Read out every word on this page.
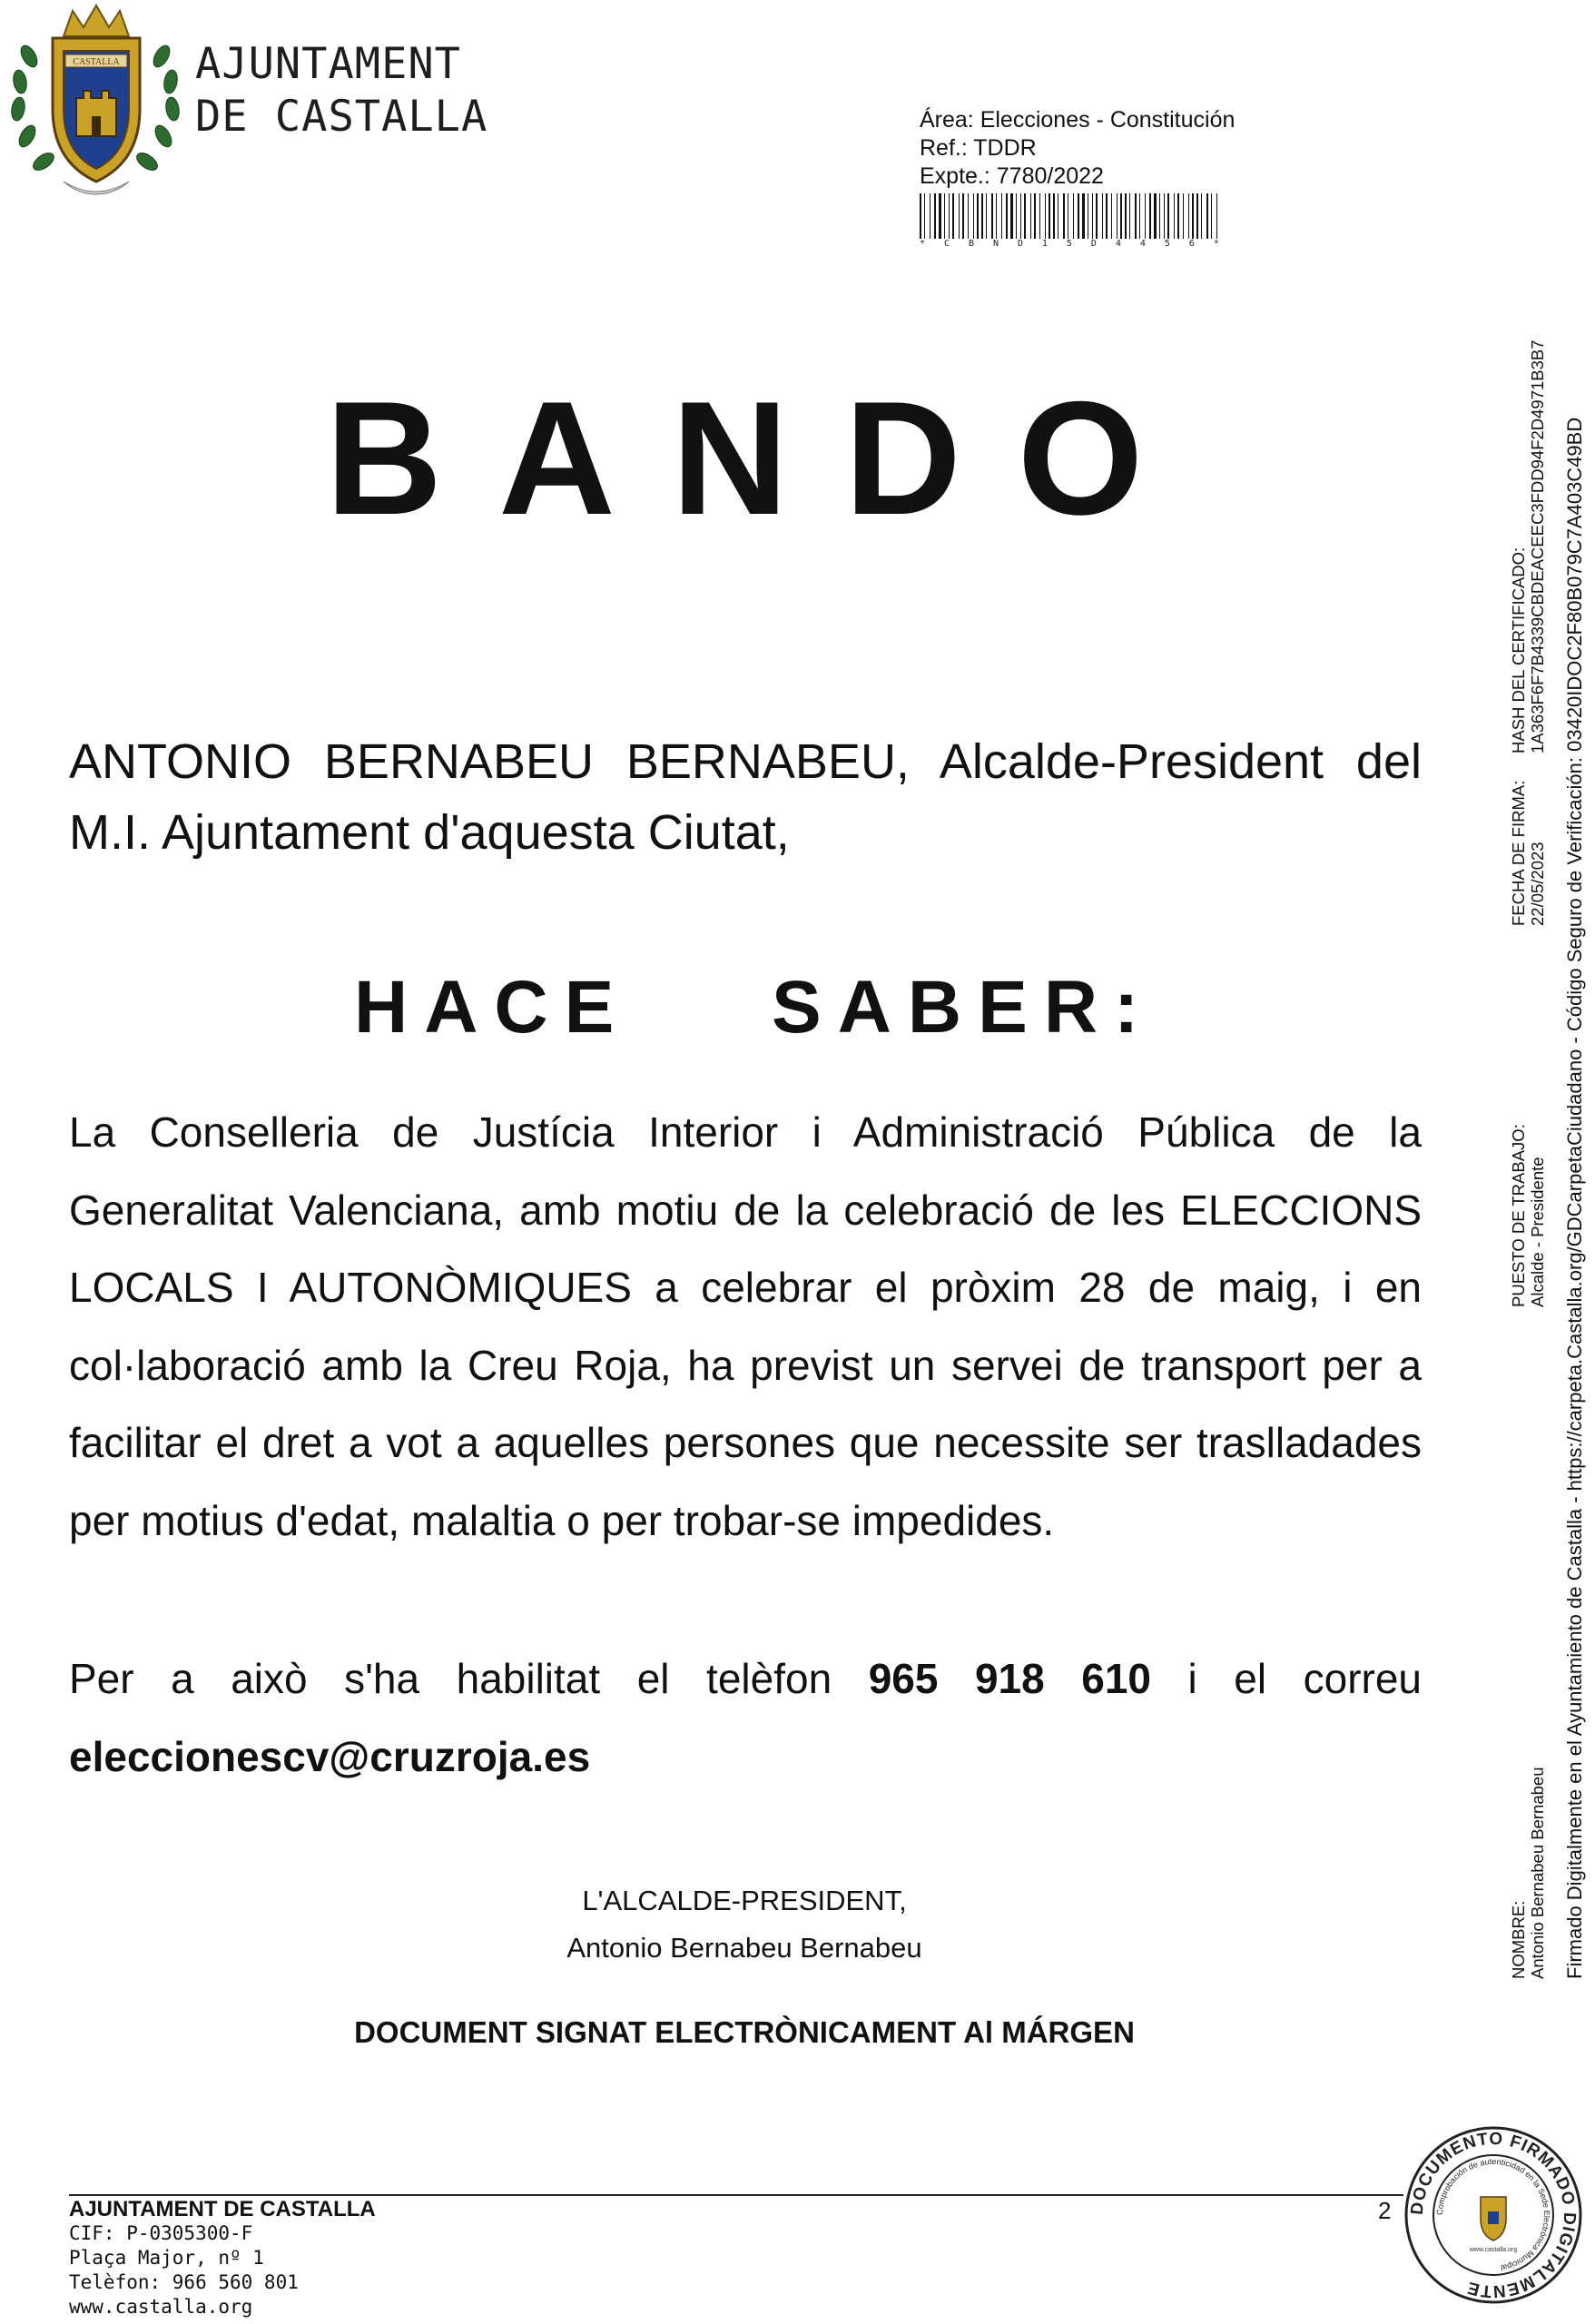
CASTALLA AJUNTAMENT
DE CASTALLA	Área: Elecciones - Constitución
Ref.: TDDR
Expte.: 7780/2022
* C B N D 1 5 D 4 4 5 6 *
BANDO
ANTONIO BERNABEU BERNABEU, Alcalde-President del M.I. Ajuntament d'aquesta Ciutat,
HACE SABER:
La Conselleria de Justícia Interior i Administració Pública de la Generalitat Valenciana, amb motiu de la celebració de les ELECCIONS LOCALS I AUTONÒMIQUES a celebrar el pròxim 28 de maig, i en col·laboració amb la Creu Roja, ha previst un servei de transport per a facilitar el dret a vot a aquelles persones que necessite ser traslladades per motius d'edat, malaltia o per trobar-se impedides.
Per a això s'ha habilitat el telèfon 965 918 610 i el correu eleccionescv@cruzroja.es
L'ALCALDE-PRESIDENT,
Antonio Bernabeu Bernabeu
DOCUMENT SIGNAT ELECTRÒNICAMENT Al MÁRGEN
NOMBRE: Antonio Bernabeu Bernabeu
PUESTO DE TRABAJO: Alcalde - Presidente
FECHA DE FIRMA: 22/05/2023
HASH DEL CERTIFICADO: 1A363F6F7B4339CBDEACEEC3FDD94F2D4971B3B7 Firmado Digitalmente en el Ayuntamiento de Castalla - https://carpeta.Castalla.org/GDCarpetaCiudadano - Código Seguro de Verificación: 03420IDOC2F80B079C7A403C49BD
AJUNTAMENT DE CASTALLA
CIF: P-0305300-F
Plaça Major, nº 1
Telèfon: 966 560 801
www.castalla.org
2 DOCUMENTO FIRMADO DIGITALMENTE
Comprobación de autenticidad en la Sede Electrónica Municipal
www.castalla.org
